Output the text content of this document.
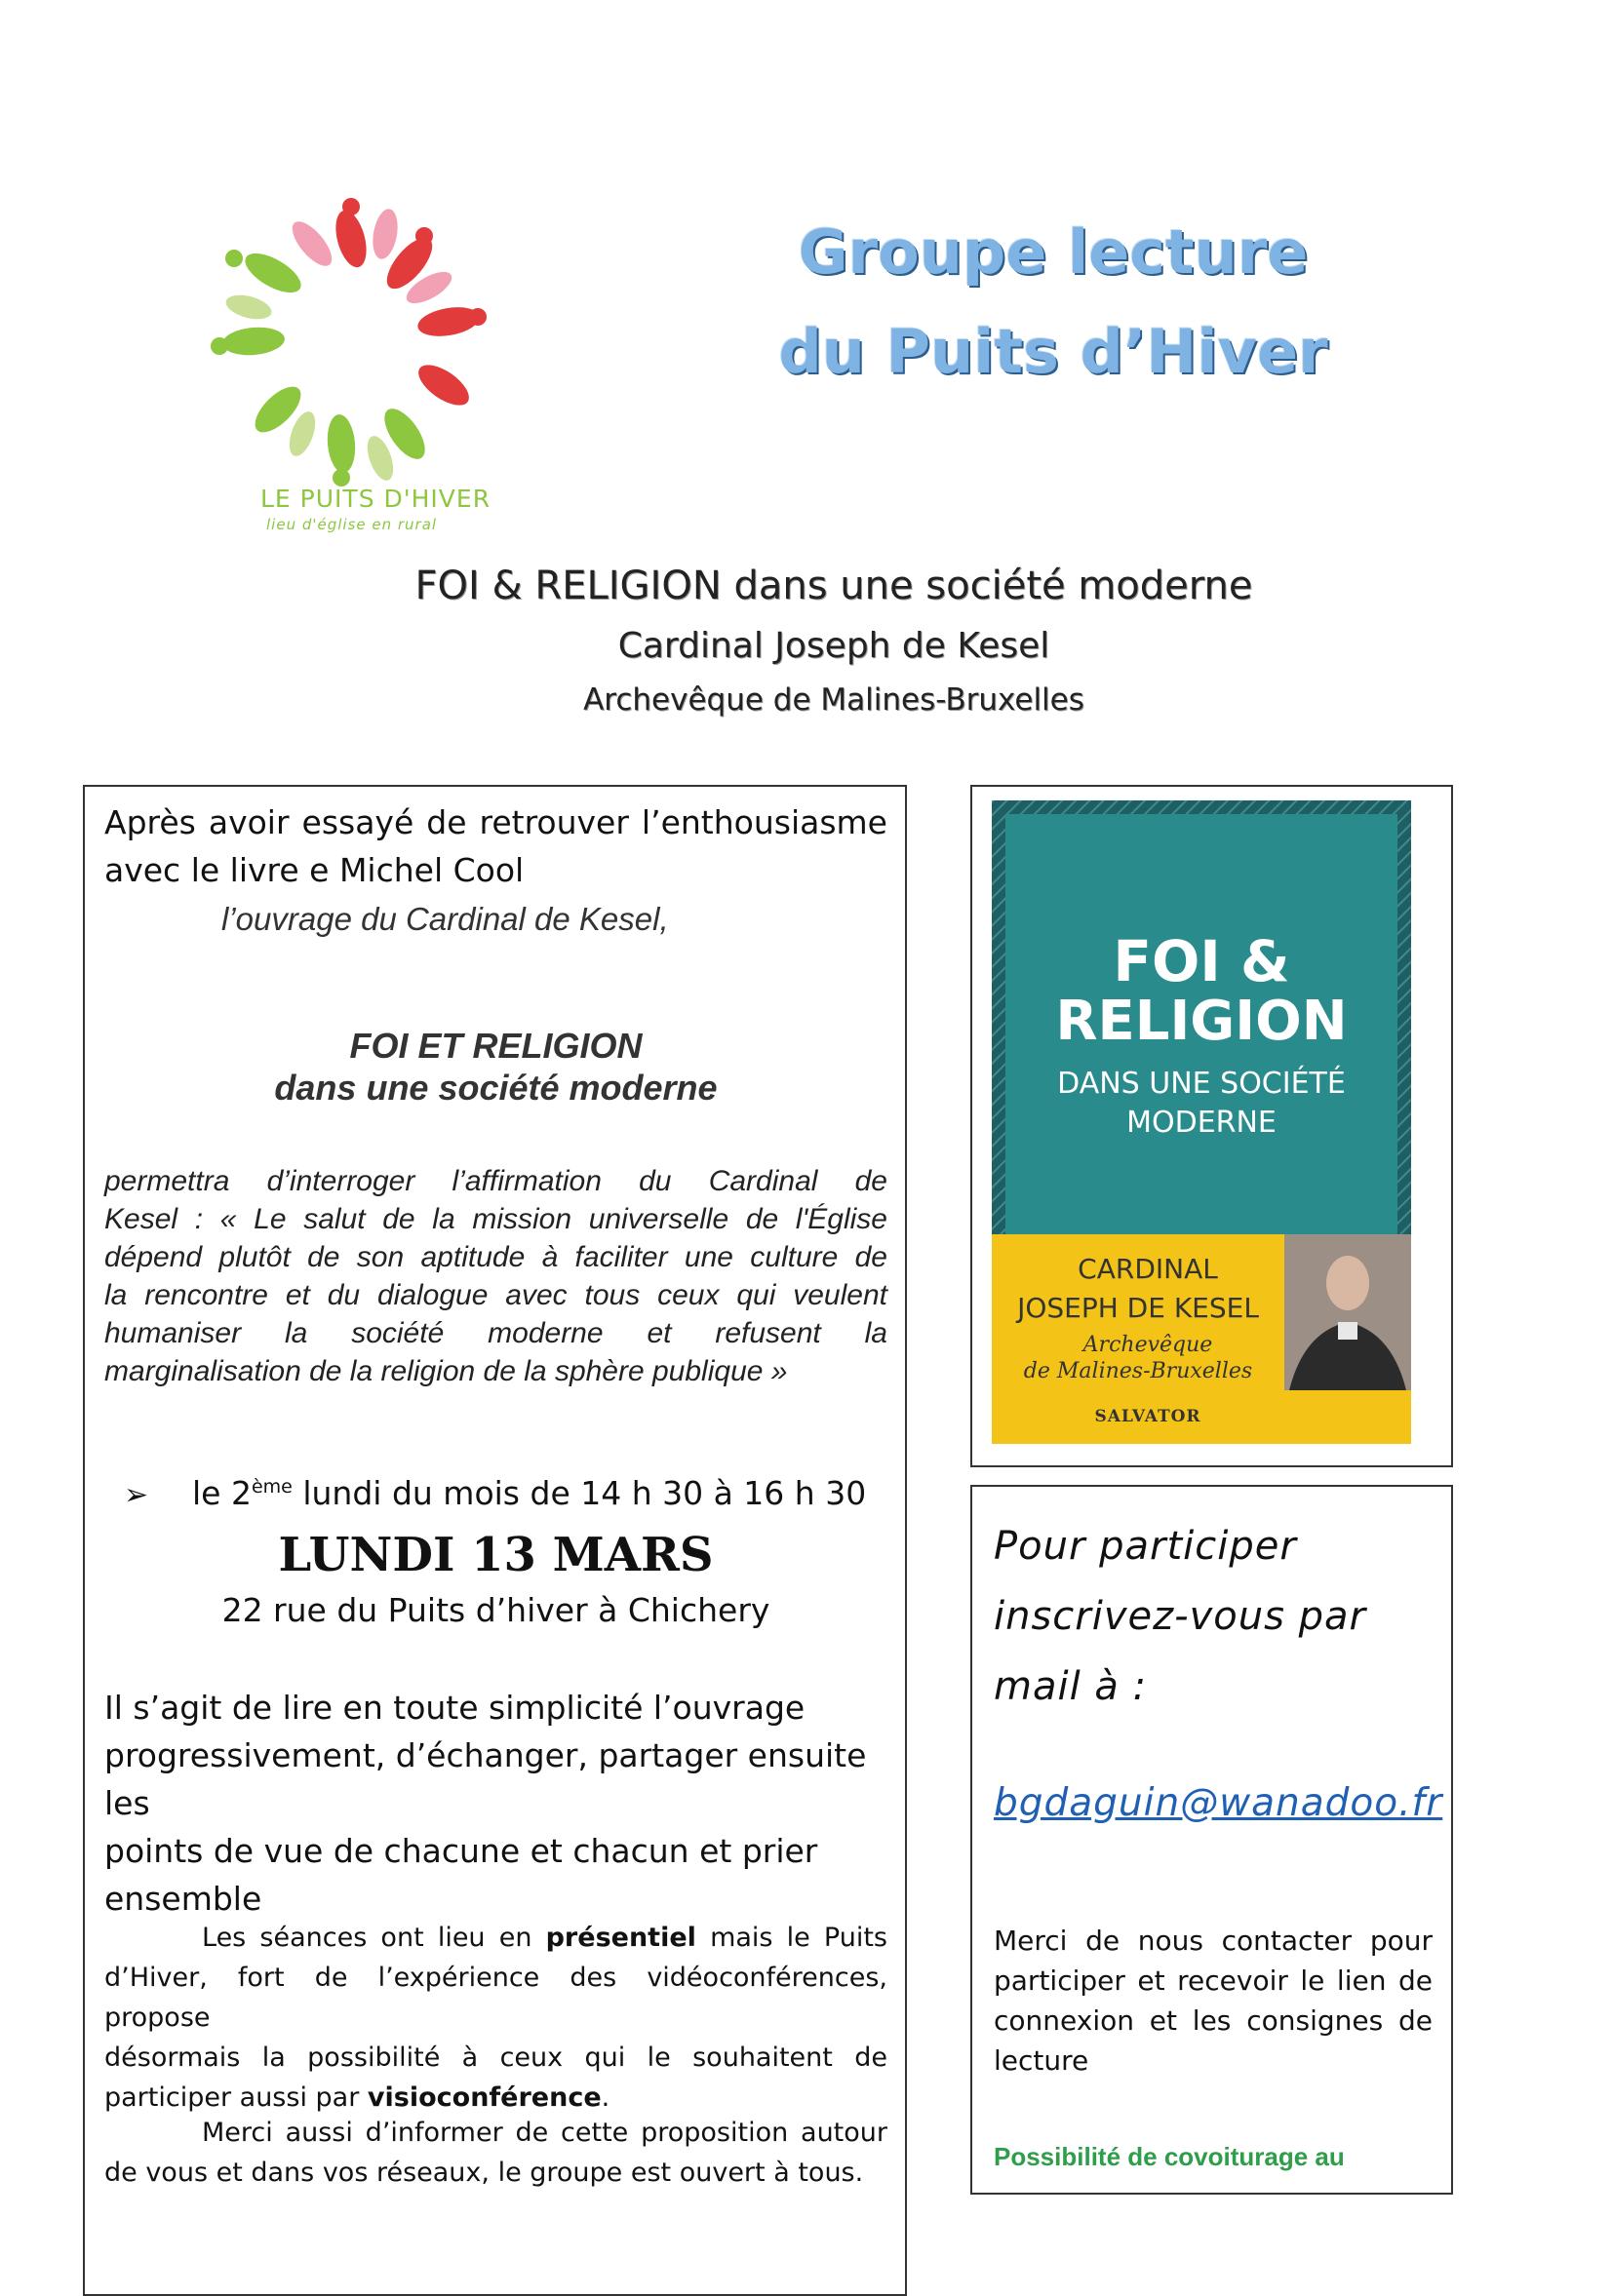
LE PUITS D'HIVER
lieu d'église en rural
Groupe lecture
du Puits d’Hiver
FOI & RELIGION dans une société moderne
Cardinal Joseph de Kesel
Archevêque de Malines-Bruxelles
Après avoir essayé de retrouver l’enthousiasme
avec le livre e Michel Cool
l’ouvrage du Cardinal de Kesel,
FOI ET RELIGION
dans une société moderne
permettra d’interroger l’affirmation du Cardinal de
Kesel : « Le salut de la mission universelle de l'Église
dépend plutôt de son aptitude à faciliter une culture de
la rencontre et du dialogue avec tous ceux qui veulent
humaniser la société moderne et refusent la
marginalisation de la religion de la sphère publique »
➢ le 2ème lundi du mois de 14 h 30 à 16 h 30
LUNDI 13 MARS
22 rue du Puits d’hiver à Chichery
Il s’agit de lire en toute simplicité l’ouvrage
progressivement, d’échanger, partager ensuite les
points de vue de chacune et chacun et prier
ensemble
Les séances ont lieu en présentiel mais le Puits
d’Hiver, fort de l’expérience des vidéoconférences, propose
désormais la possibilité à ceux qui le souhaitent de
participer aussi par visioconférence.
Merci aussi d’informer de cette proposition autour
de vous et dans vos réseaux, le groupe est ouvert à tous.
FOI &
RELIGION
DANS UNE SOCIÉTÉ
MODERNE
CARDINAL
JOSEPH DE KESEL
Archevêque
de Malines-Bruxelles
SALVATOR
Pour participer
inscrivez-vous par
mail à :
bgdaguin@wanadoo.fr
Merci de nous contacter pour
participer et recevoir le lien de
connexion et les consignes de
lecture
Possibilité de covoiturage au
